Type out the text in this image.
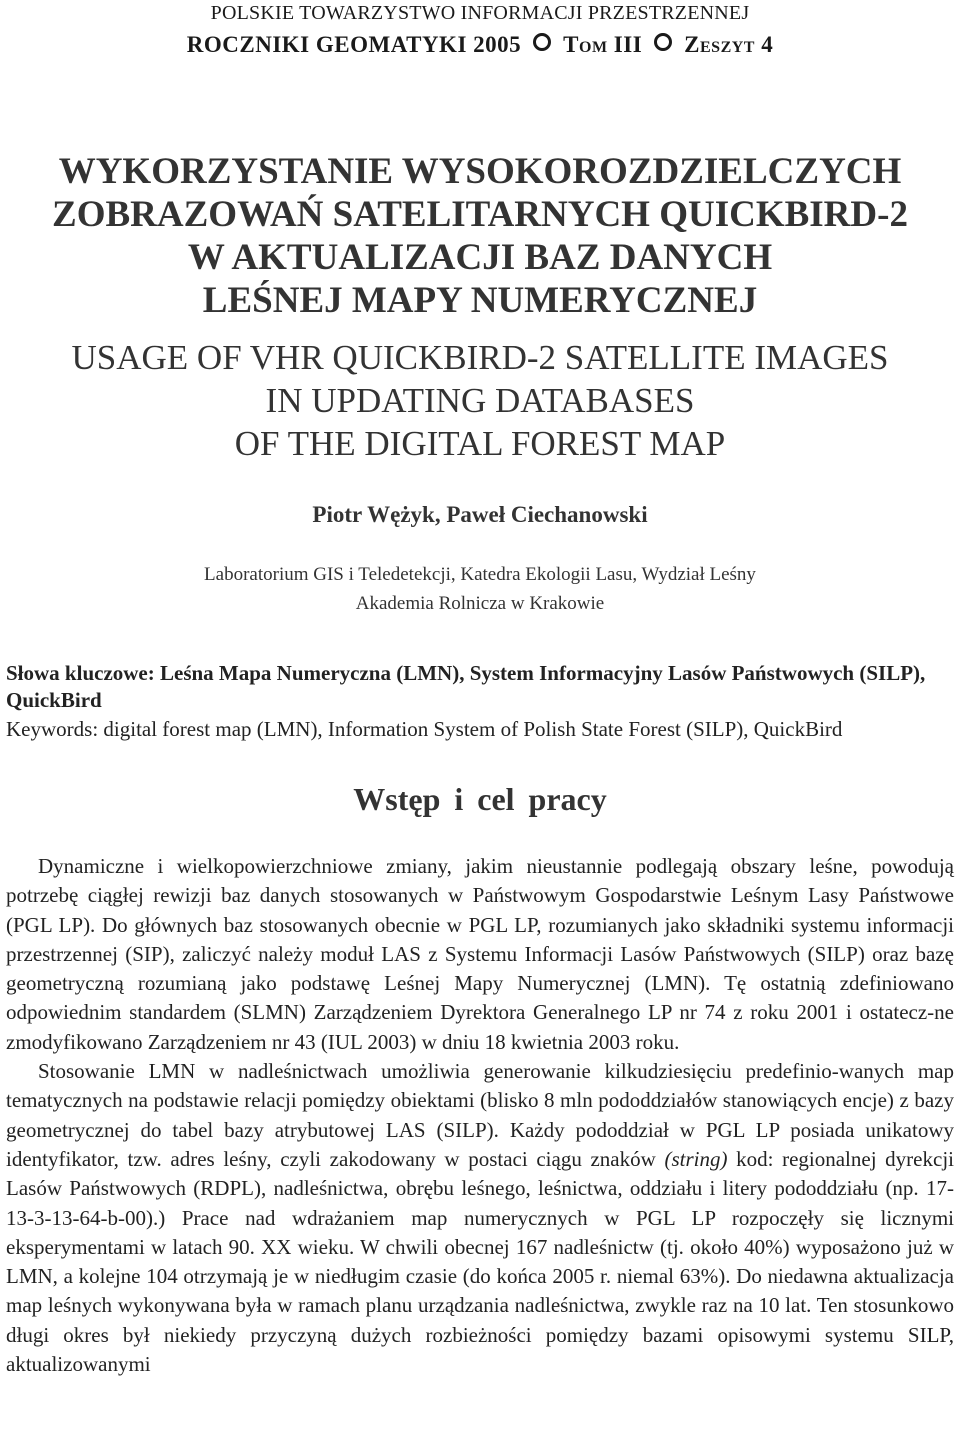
POLSKIE TOWARZYSTWO INFORMACJI PRZESTRZENNEJ
ROCZNIKI GEOMATYKI 2005 Tom III Zeszyt 4
WYKORZYSTANIE WYSOKOROZDZIELCZYCH
ZOBRAZOWAŃ SATELITARNYCH QUICKBIRD-2
W AKTUALIZACJI BAZ DANYCH
LEŚNEJ MAPY NUMERYCZNEJ
USAGE OF VHR QUICKBIRD-2 SATELLITE IMAGES
IN UPDATING DATABASES
OF THE DIGITAL FOREST MAP
Piotr Wężyk, Paweł Ciechanowski
Laboratorium GIS i Teledetekcji, Katedra Ekologii Lasu, Wydział Leśny
Akademia Rolnicza w Krakowie
Słowa kluczowe: Leśna Mapa Numeryczna (LMN), System Informacyjny Lasów Państwowych (SILP), QuickBird
Keywords: digital forest map (LMN), Information System of Polish State Forest (SILP), QuickBird
Wstęp i cel pracy

Dynamiczne i wielkopowierzchniowe zmiany, jakim nieustannie podlegają obszary leśne, powodują potrzebę ciągłej rewizji baz danych stosowanych w Państwowym Gospodarstwie Leśnym Lasy Państwowe (PGL LP). Do głównych baz stosowanych obecnie w PGL LP, rozumianych jako składniki systemu informacji przestrzennej (SIP), zaliczyć należy moduł LAS z Systemu Informacji Lasów Państwowych (SILP) oraz bazę geometryczną rozumianą jako podstawę Leśnej Mapy Numerycznej (LMN). Tę ostatnią zdefiniowano odpowiednim standardem (SLMN) Zarządzeniem Dyrektora Generalnego LP nr 74 z roku 2001 i ostatecz-ne zmodyfikowano Zarządzeniem nr 43 (IUL 2003) w dniu 18 kwietnia 2003 roku.

Stosowanie LMN w nadleśnictwach umożliwia generowanie kilkudziesięciu predefinio-wanych map tematycznych na podstawie relacji pomiędzy obiektami (blisko 8 mln pododdziałów stanowiących encje) z bazy geometrycznej do tabel bazy atrybutowej LAS (SILP). Każdy pododdział w PGL LP posiada unikatowy identyfikator, tzw. adres leśny, czyli zakodowany w postaci ciągu znaków (string) kod: regionalnej dyrekcji Lasów Państwowych (RDPL), nadleśnictwa, obrębu leśnego, leśnictwa, oddziału i litery pododdziału (np. 17-13-3-13-64-b-00).) Prace nad wdrażaniem map numerycznych w PGL LP rozpoczęły się licznymi eksperymentami w latach 90. XX wieku. W chwili obecnej 167 nadleśnictw (tj. około 40%) wyposażono już w LMN, a kolejne 104 otrzymają je w niedługim czasie (do końca 2005 r. niemal 63%). Do niedawna aktualizacja map leśnych wykonywana była w ramach planu urządzania nadleśnictwa, zwykle raz na 10 lat. Ten stosunkowo długi okres był niekiedy przyczyną dużych rozbieżności pomiędzy bazami opisowymi systemu SILP, aktualizowanymi
